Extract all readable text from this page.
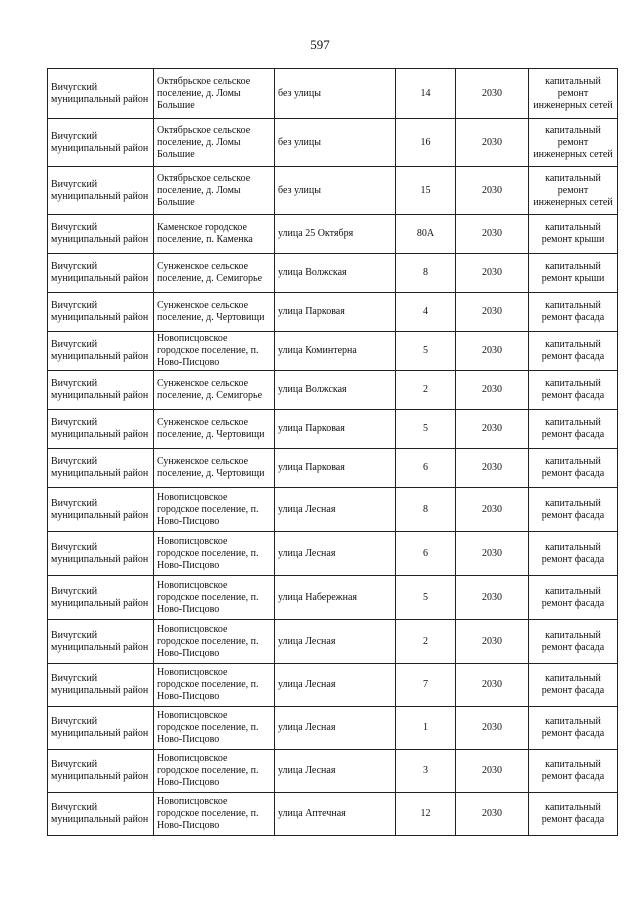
597
Вичугский муниципальный район	Октябрьское сельское поселение, д. Ломы Большие	без улицы	14	2030	капитальный ремонт инженерных сетей
Вичугский муниципальный район	Октябрьское сельское поселение, д. Ломы Большие	без улицы	16	2030	капитальный ремонт инженерных сетей
Вичугский муниципальный район	Октябрьское сельское поселение, д. Ломы Большие	без улицы	15	2030	капитальный ремонт инженерных сетей
Вичугский муниципальный район	Каменское городское поселение, п. Каменка	улица 25 Октября	80А	2030	капитальный ремонт крыши
Вичугский муниципальный район	Сунженское сельское поселение, д. Семигорье	улица Волжская	8	2030	капитальный ремонт крыши
Вичугский муниципальный район	Сунженское сельское поселение, д. Чертовищи	улица Парковая	4	2030	капитальный ремонт фасада
Вичугский муниципальный район	Новописцовское городское поселение, п. Ново-Писцово	улица Коминтерна	5	2030	капитальный ремонт фасада
Вичугский муниципальный район	Сунженское сельское поселение, д. Семигорье	улица Волжская	2	2030	капитальный ремонт фасада
Вичугский муниципальный район	Сунженское сельское поселение, д. Чертовищи	улица Парковая	5	2030	капитальный ремонт фасада
Вичугский муниципальный район	Сунженское сельское поселение, д. Чертовищи	улица Парковая	6	2030	капитальный ремонт фасада
Вичугский муниципальный район	Новописцовское городское поселение, п. Ново-Писцово	улица Лесная	8	2030	капитальный ремонт фасада
Вичугский муниципальный район	Новописцовское городское поселение, п. Ново-Писцово	улица Лесная	6	2030	капитальный ремонт фасада
Вичугский муниципальный район	Новописцовское городское поселение, п. Ново-Писцово	улица Набережная	5	2030	капитальный ремонт фасада
Вичугский муниципальный район	Новописцовское городское поселение, п. Ново-Писцово	улица Лесная	2	2030	капитальный ремонт фасада
Вичугский муниципальный район	Новописцовское городское поселение, п. Ново-Писцово	улица Лесная	7	2030	капитальный ремонт фасада
Вичугский муниципальный район	Новописцовское городское поселение, п. Ново-Писцово	улица Лесная	1	2030	капитальный ремонт фасада
Вичугский муниципальный район	Новописцовское городское поселение, п. Ново-Писцово	улица Лесная	3	2030	капитальный ремонт фасада
Вичугский муниципальный район	Новописцовское городское поселение, п. Ново-Писцово	улица Аптечная	12	2030	капитальный ремонт фасада
